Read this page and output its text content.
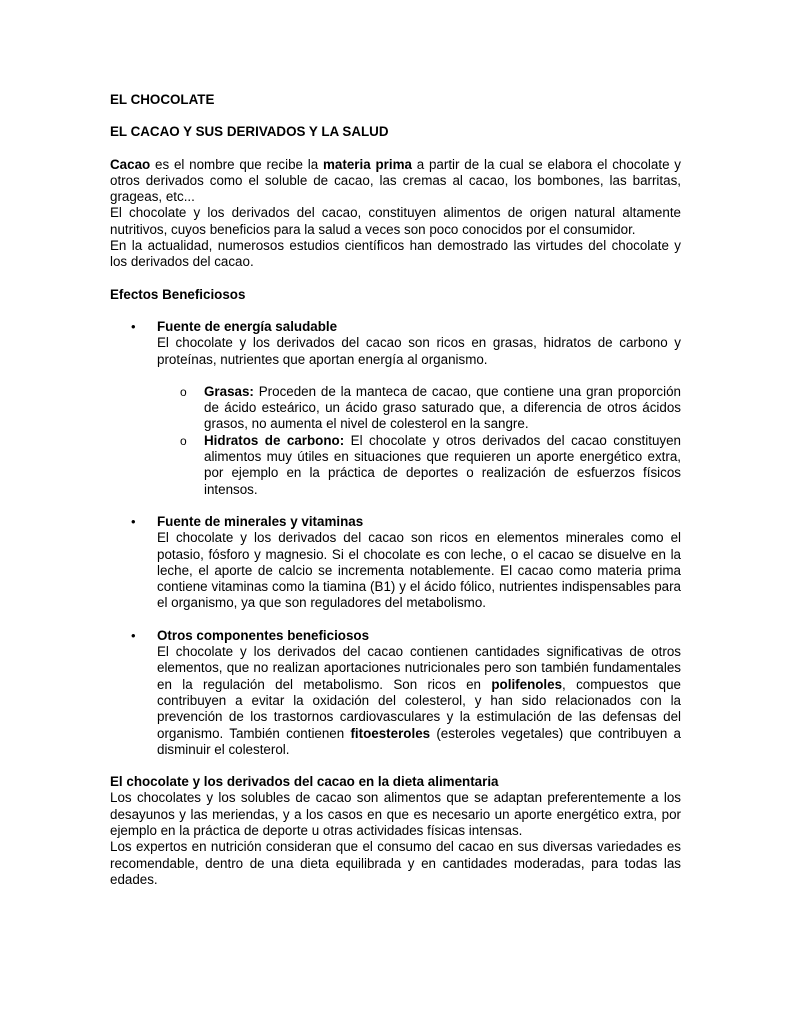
EL CHOCOLATE

EL CACAO Y SUS DERIVADOS Y LA SALUD

Cacao es el nombre que recibe la materia prima a partir de la cual se elabora el chocolate y otros derivados como el soluble de cacao, las cremas al cacao, los bombones, las barritas, grageas, etc...

El chocolate y los derivados del cacao, constituyen alimentos de origen natural altamente nutritivos, cuyos beneficios para la salud a veces son poco conocidos por el consumidor.

En la actualidad, numerosos estudios científicos han demostrado las virtudes del chocolate y los derivados del cacao.

Efectos Beneficiosos

• Fuente de energía saludable

El chocolate y los derivados del cacao son ricos en grasas, hidratos de carbono y proteínas, nutrientes que aportan energía al organismo.

o Grasas: Proceden de la manteca de cacao, que contiene una gran proporción de ácido esteárico, un ácido graso saturado que, a diferencia de otros ácidos grasos, no aumenta el nivel de colesterol en la sangre.

o Hidratos de carbono: El chocolate y otros derivados del cacao constituyen alimentos muy útiles en situaciones que requieren un aporte energético extra, por ejemplo en la práctica de deportes o realización de esfuerzos físicos intensos.

• Fuente de minerales y vitaminas

El chocolate y los derivados del cacao son ricos en elementos minerales como el potasio, fósforo y magnesio. Si el chocolate es con leche, o el cacao se disuelve en la leche, el aporte de calcio se incrementa notablemente. El cacao como materia prima contiene vitaminas como la tiamina (B1) y el ácido fólico, nutrientes indispensables para el organismo, ya que son reguladores del metabolismo.

• Otros componentes beneficiosos

El chocolate y los derivados del cacao contienen cantidades significativas de otros elementos, que no realizan aportaciones nutricionales pero son también fundamentales en la regulación del metabolismo. Son ricos en polifenoles, compuestos que contribuyen a evitar la oxidación del colesterol, y han sido relacionados con la prevención de los trastornos cardiovasculares y la estimulación de las defensas del organismo. También contienen fitoesteroles (esteroles vegetales) que contribuyen a disminuir el colesterol.

El chocolate y los derivados del cacao en la dieta alimentaria

Los chocolates y los solubles de cacao son alimentos que se adaptan preferentemente a los desayunos y las meriendas, y a los casos en que es necesario un aporte energético extra, por ejemplo en la práctica de deporte u otras actividades físicas intensas.

Los expertos en nutrición consideran que el consumo del cacao en sus diversas variedades es recomendable, dentro de una dieta equilibrada y en cantidades moderadas, para todas las edades.
